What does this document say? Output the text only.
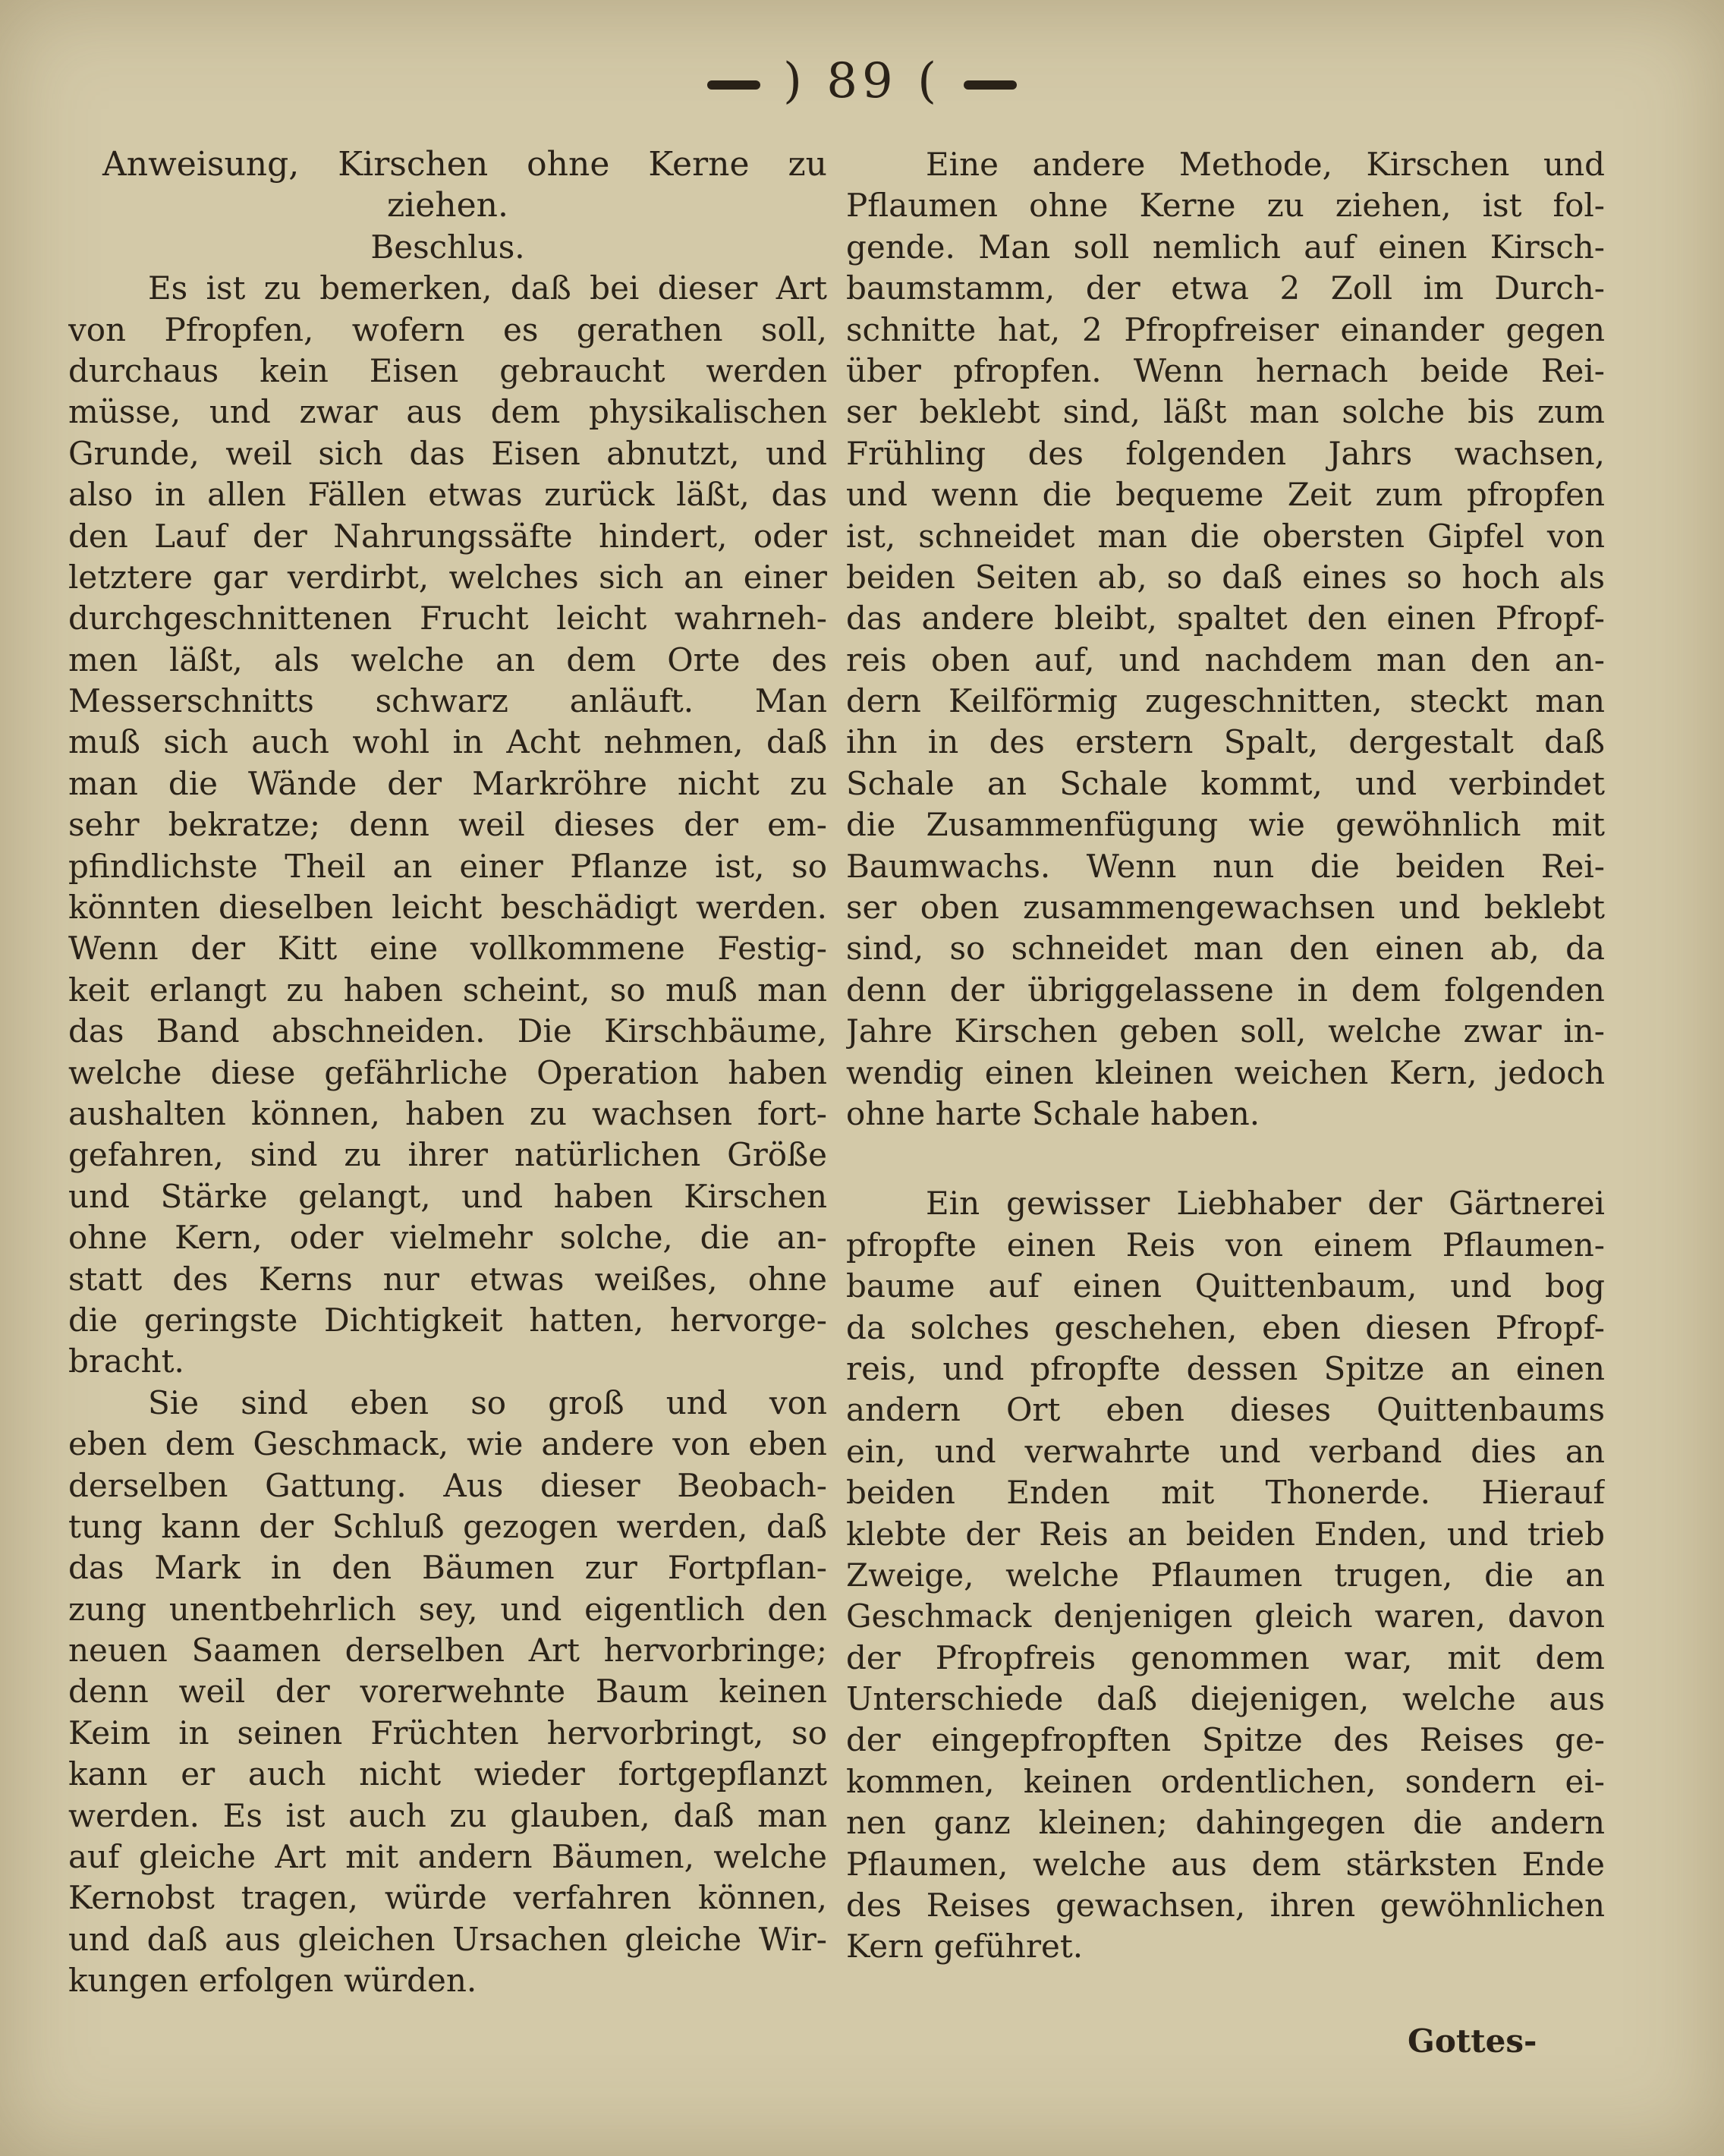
) 89 (
Anweisung, Kirschen ohne Kerne zu
ziehen.
Beschlus.
Es ist zu bemerken, daß bei dieser Art
von Pfropfen, wofern es gerathen soll,
durchaus kein Eisen gebraucht werden
müsse, und zwar aus dem physikalischen
Grunde, weil sich das Eisen abnutzt, und
also in allen Fällen etwas zurück läßt, das
den Lauf der Nahrungssäfte hindert, oder
letztere gar verdirbt, welches sich an einer
durchgeschnittenen Frucht leicht wahrneh-
men läßt, als welche an dem Orte des
Messerschnitts schwarz anläuft. Man
muß sich auch wohl in Acht nehmen, daß
man die Wände der Markröhre nicht zu
sehr bekratze; denn weil dieses der em-
pfindlichste Theil an einer Pflanze ist, so
könnten dieselben leicht beschädigt werden.
Wenn der Kitt eine vollkommene Festig-
keit erlangt zu haben scheint, so muß man
das Band abschneiden. Die Kirschbäume,
welche diese gefährliche Operation haben
aushalten können, haben zu wachsen fort-
gefahren, sind zu ihrer natürlichen Größe
und Stärke gelangt, und haben Kirschen
ohne Kern, oder vielmehr solche, die an-
statt des Kerns nur etwas weißes, ohne
die geringste Dichtigkeit hatten, hervorge-
bracht.
Sie sind eben so groß und von
eben dem Geschmack, wie andere von eben
derselben Gattung. Aus dieser Beobach-
tung kann der Schluß gezogen werden, daß
das Mark in den Bäumen zur Fortpflan-
zung unentbehrlich sey, und eigentlich den
neuen Saamen derselben Art hervorbringe;
denn weil der vorerwehnte Baum keinen
Keim in seinen Früchten hervorbringt, so
kann er auch nicht wieder fortgepflanzt
werden. Es ist auch zu glauben, daß man
auf gleiche Art mit andern Bäumen, welche
Kernobst tragen, würde verfahren können,
und daß aus gleichen Ursachen gleiche Wir-
kungen erfolgen würden.
Eine andere Methode, Kirschen und
Pflaumen ohne Kerne zu ziehen, ist fol-
gende. Man soll nemlich auf einen Kirsch-
baumstamm, der etwa 2 Zoll im Durch-
schnitte hat, 2 Pfropfreiser einander gegen
über pfropfen. Wenn hernach beide Rei-
ser beklebt sind, läßt man solche bis zum
Frühling des folgenden Jahrs wachsen,
und wenn die bequeme Zeit zum pfropfen
ist, schneidet man die obersten Gipfel von
beiden Seiten ab, so daß eines so hoch als
das andere bleibt, spaltet den einen Pfropf-
reis oben auf, und nachdem man den an-
dern Keilförmig zugeschnitten, steckt man
ihn in des erstern Spalt, dergestalt daß
Schale an Schale kommt, und verbindet
die Zusammenfügung wie gewöhnlich mit
Baumwachs. Wenn nun die beiden Rei-
ser oben zusammengewachsen und beklebt
sind, so schneidet man den einen ab, da
denn der übriggelassene in dem folgenden
Jahre Kirschen geben soll, welche zwar in-
wendig einen kleinen weichen Kern, jedoch
ohne harte Schale haben.
Ein gewisser Liebhaber der Gärtnerei
pfropfte einen Reis von einem Pflaumen-
baume auf einen Quittenbaum, und bog
da solches geschehen, eben diesen Pfropf-
reis, und pfropfte dessen Spitze an einen
andern Ort eben dieses Quittenbaums
ein, und verwahrte und verband dies an
beiden Enden mit Thonerde. Hierauf
klebte der Reis an beiden Enden, und trieb
Zweige, welche Pflaumen trugen, die an
Geschmack denjenigen gleich waren, davon
der Pfropfreis genommen war, mit dem
Unterschiede daß diejenigen, welche aus
der eingepfropften Spitze des Reises ge-
kommen, keinen ordentlichen, sondern ei-
nen ganz kleinen; dahingegen die andern
Pflaumen, welche aus dem stärksten Ende
des Reises gewachsen, ihren gewöhnlichen
Kern geführet.
Gottes-
